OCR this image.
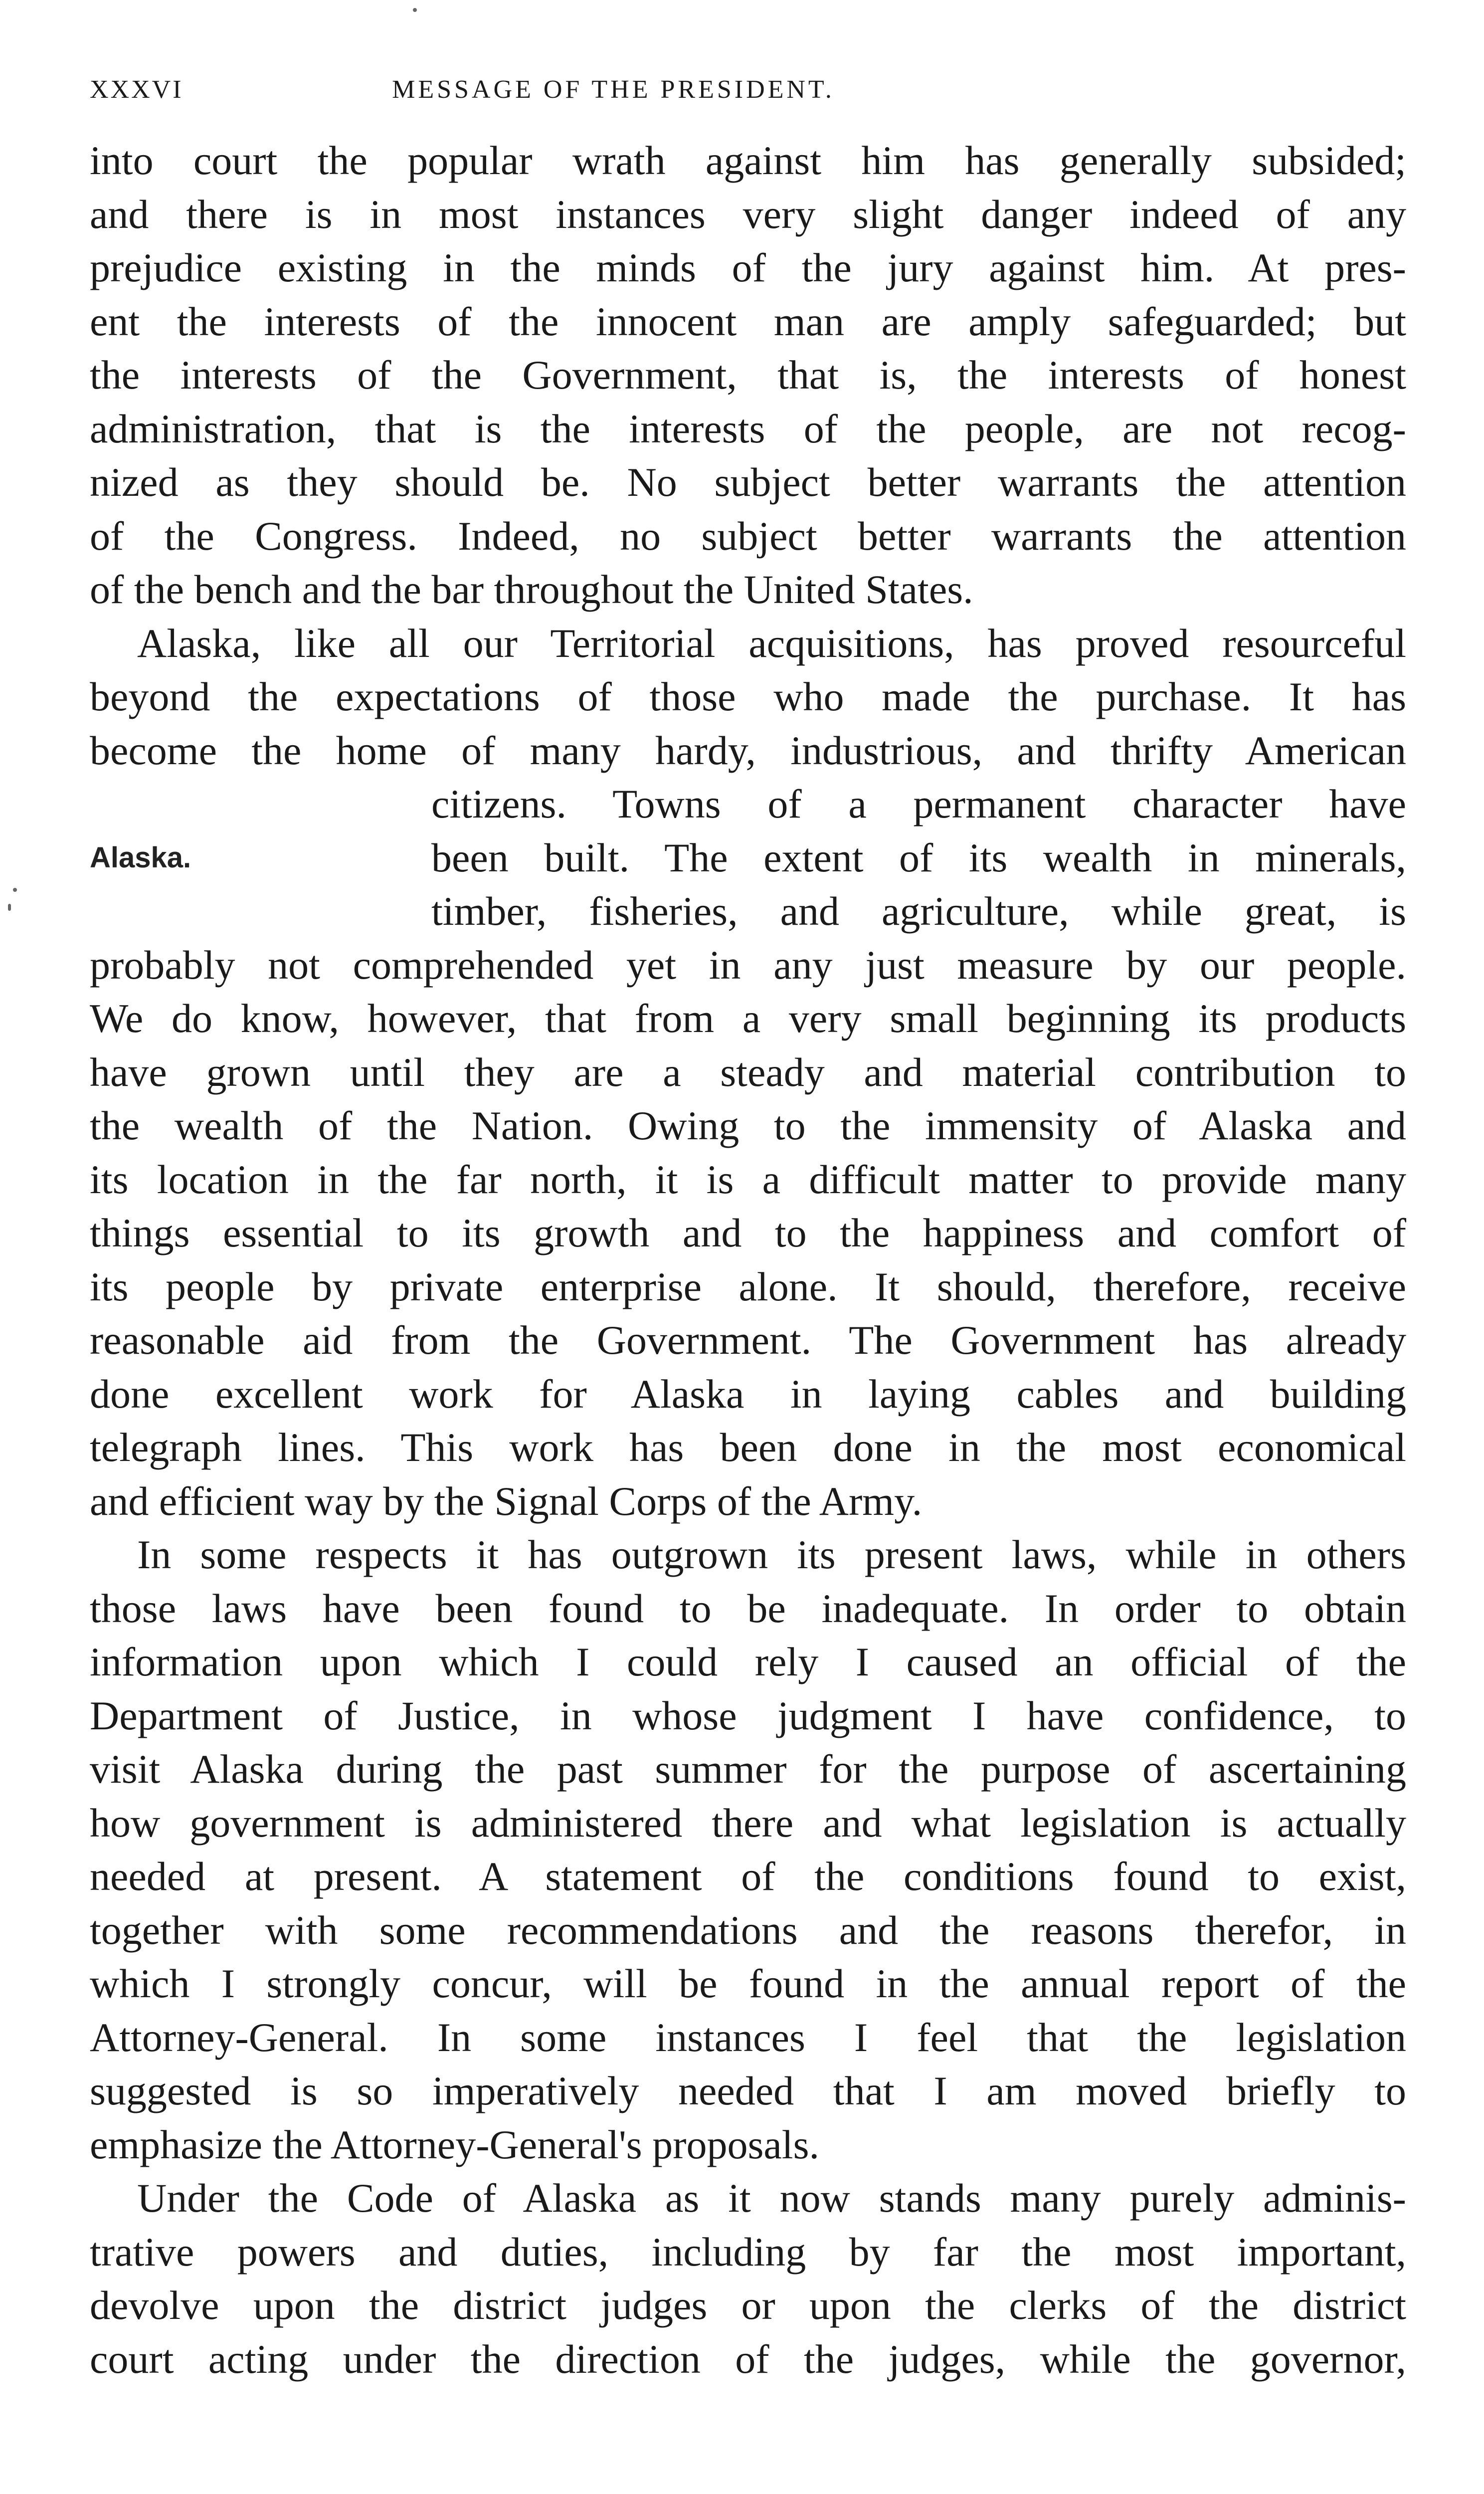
XXXVI	MESSAGE OF THE PRESIDENT.
into court the popular wrath against him has generally subsided;
and there is in most instances very slight danger indeed of any
prejudice existing in the minds of the jury against him. At pres-
ent the interests of the innocent man are amply safeguarded; but
the interests of the Government, that is, the interests of honest
administration, that is the interests of the people, are not recog-
nized as they should be. No subject better warrants the attention
of the Congress. Indeed, no subject better warrants the attention
of the bench and the bar throughout the United States.
Alaska, like all our Territorial acquisitions, has proved resourceful
beyond the expectations of those who made the purchase. It has
become the home of many hardy, industrious, and thrifty American
Alaska.
citizens. Towns of a permanent character have
been built. The extent of its wealth in minerals,
timber, fisheries, and agriculture, while great, is
probably not comprehended yet in any just measure by our people.
We do know, however, that from a very small beginning its products
have grown until they are a steady and material contribution to
the wealth of the Nation. Owing to the immensity of Alaska and
its location in the far north, it is a difficult matter to provide many
things essential to its growth and to the happiness and comfort of
its people by private enterprise alone. It should, therefore, receive
reasonable aid from the Government. The Government has already
done excellent work for Alaska in laying cables and building
telegraph lines. This work has been done in the most economical
and efficient way by the Signal Corps of the Army.
In some respects it has outgrown its present laws, while in others
those laws have been found to be inadequate. In order to obtain
information upon which I could rely I caused an official of the
Department of Justice, in whose judgment I have confidence, to
visit Alaska during the past summer for the purpose of ascertaining
how government is administered there and what legislation is actually
needed at present. A statement of the conditions found to exist,
together with some recommendations and the reasons therefor, in
which I strongly concur, will be found in the annual report of the
Attorney-General. In some instances I feel that the legislation
suggested is so imperatively needed that I am moved briefly to
emphasize the Attorney-General's proposals.
Under the Code of Alaska as it now stands many purely adminis-
trative powers and duties, including by far the most important,
devolve upon the district judges or upon the clerks of the district
court acting under the direction of the judges, while the governor,
